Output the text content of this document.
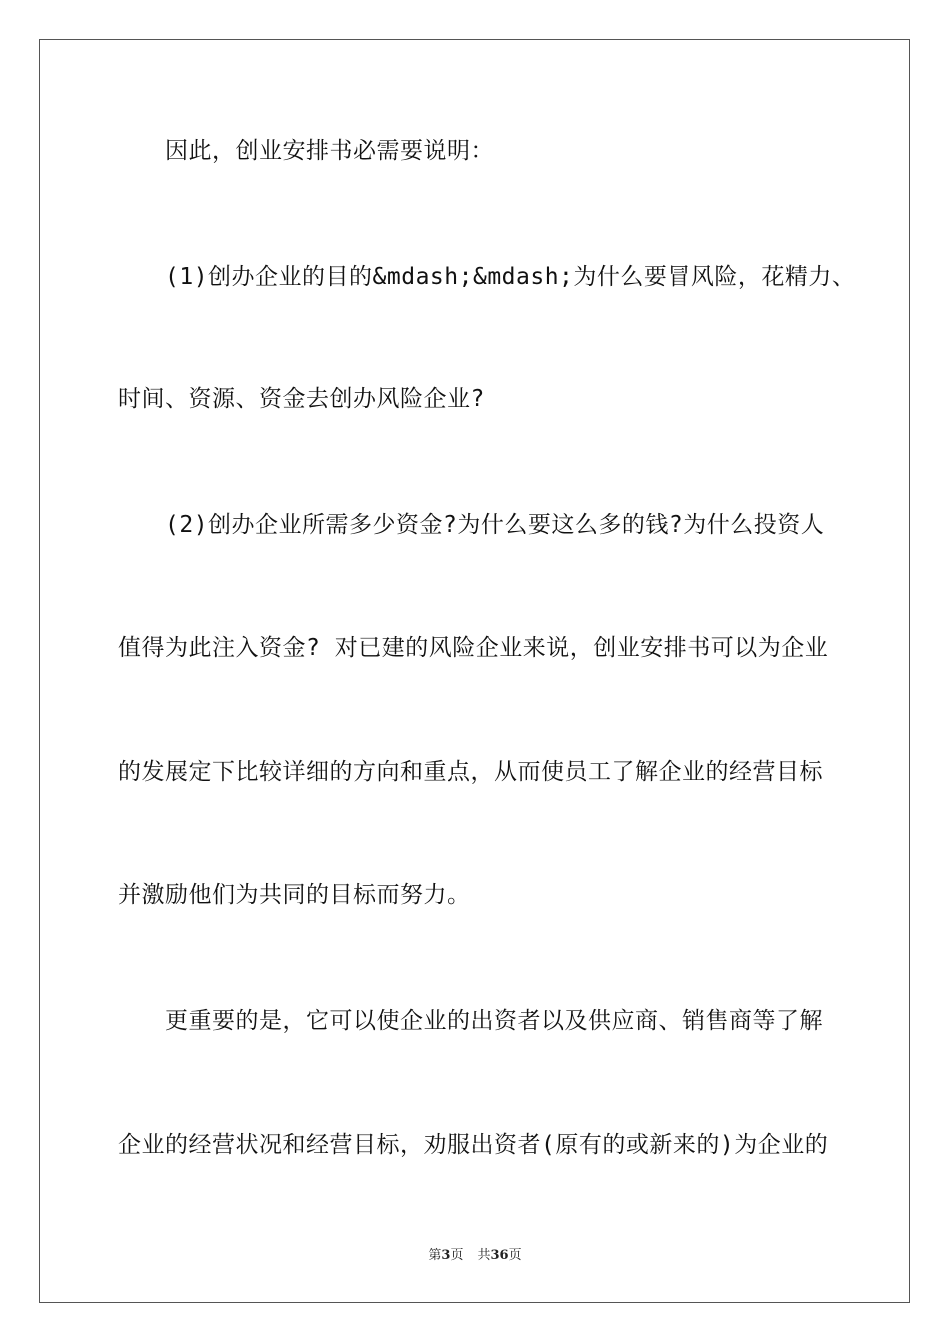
因此，创业安排书必需要说明：
(1)创办企业的目的&mdash;&mdash;为什么要冒风险，花精力、
时间、资源、资金去创办风险企业?
(2)创办企业所需多少资金?为什么要这么多的钱?为什么投资人
值得为此注入资金? 对已建的风险企业来说，创业安排书可以为企业
的发展定下比较详细的方向和重点，从而使员工了解企业的经营目标
并激励他们为共同的目标而努力。
更重要的是，它可以使企业的出资者以及供应商、销售商等了解
企业的经营状况和经营目标，劝服出资者(原有的或新来的)为企业的
第3页 共36页
